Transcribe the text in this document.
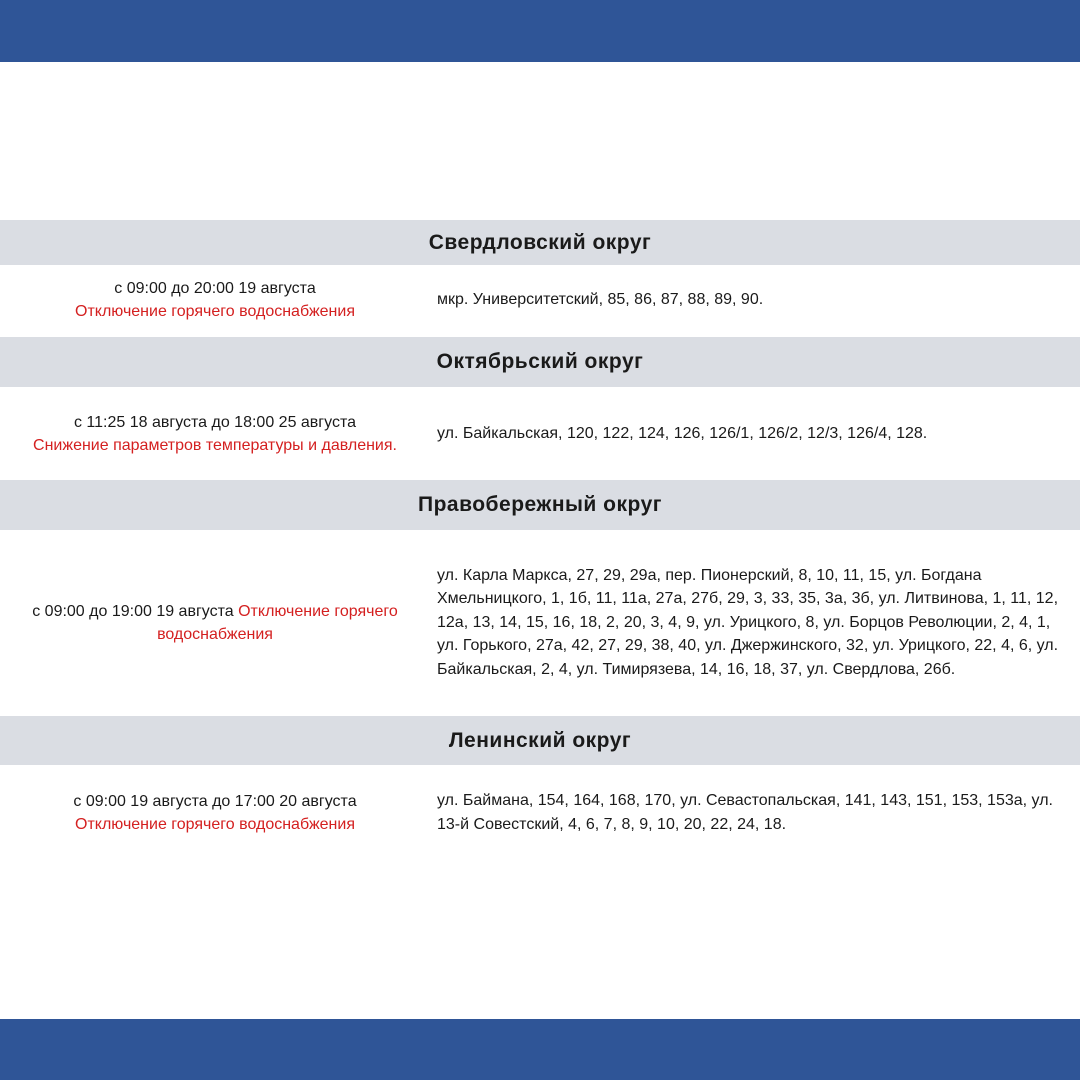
Свердловский округ
с 09:00 до 20:00 19 августа
Отключение горячего водоснабжения
мкр. Университетский, 85, 86, 87, 88, 89, 90.
Октябрьский округ
с 11:25 18 августа до 18:00 25 августа
Снижение параметров температуры и давления.
ул. Байкальская, 120, 122, 124, 126, 126/1, 126/2, 12/3, 126/4, 128.
Правобережный округ
с 09:00 до 19:00 19 августа Отключение горячего водоснабжения
ул. Карла Маркса, 27, 29, 29а, пер. Пионерский, 8, 10, 11, 15, ул. Богдана Хмельницкого, 1, 1б, 11, 11а, 27а, 27б, 29, 3, 33, 35, 3а, 3б, ул. Литвинова, 1, 11, 12, 12а, 13, 14, 15, 16, 18, 2, 20, 3, 4, 9, ул. Урицкого, 8, ул. Борцов Революции, 2, 4, 1, ул. Горького, 27а, 42, 27, 29, 38, 40, ул. Джержинского, 32, ул. Урицкого, 22, 4, 6, ул. Байкальская, 2, 4, ул. Тимирязева, 14, 16, 18, 37, ул. Свердлова, 26б.
Ленинский округ
с 09:00 19 августа до 17:00 20 августа
Отключение горячего водоснабжения
ул. Баймана, 154, 164, 168, 170, ул. Севастопальская, 141, 143, 151, 153, 153а, ул. 13-й Совестский, 4, 6, 7, 8, 9, 10, 20, 22, 24, 18.
